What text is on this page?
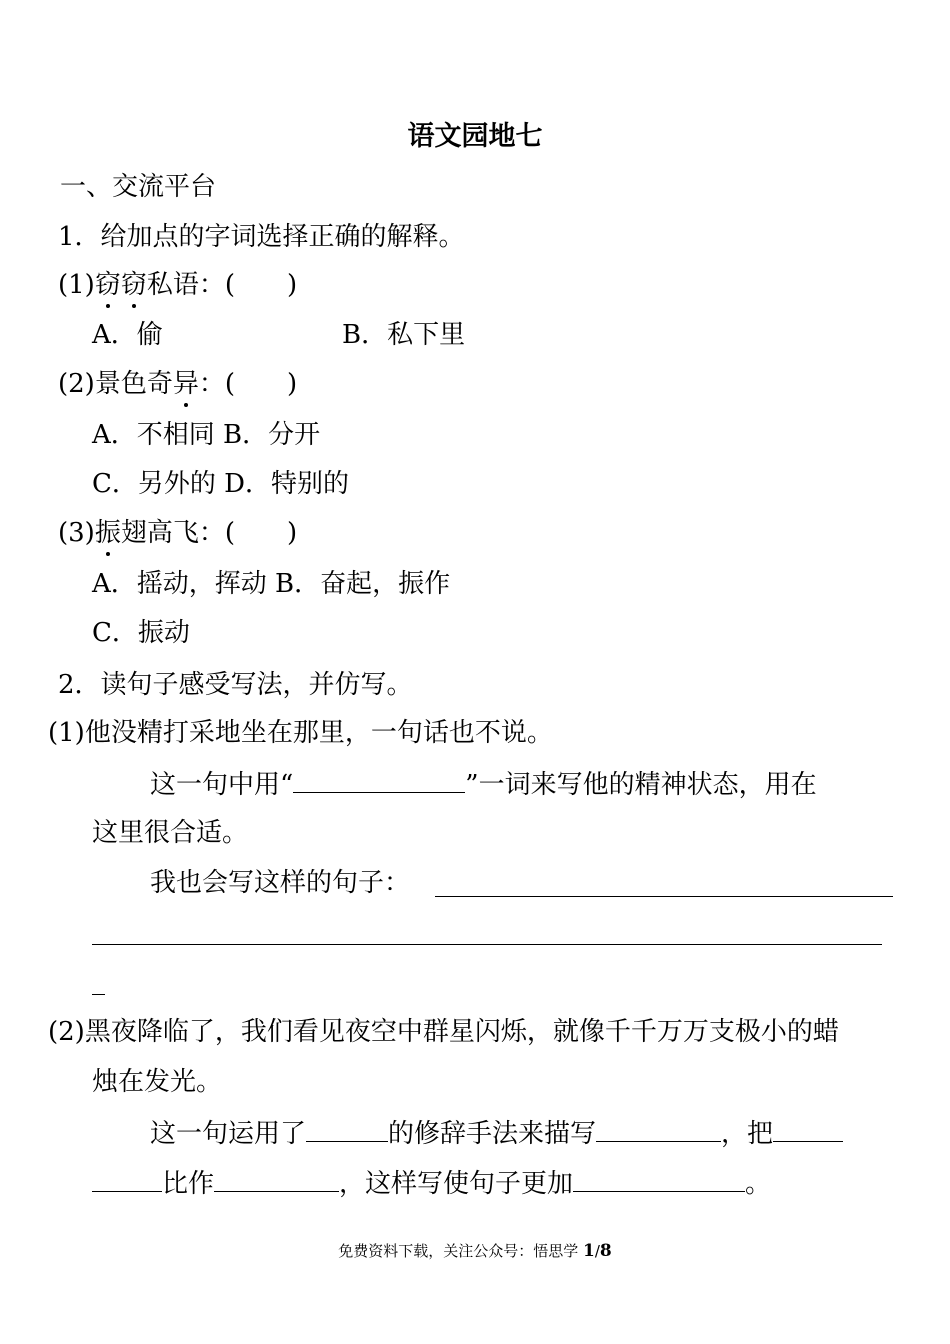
语文园地七
一、交流平台
1．给加点的字词选择正确的解释。
(1)窃窃私语：(　　)
A．偷	B．私下里
(2)景色奇异：(　　)
A．不相同 B．分开
C．另外的 D．特别的
(3)振翅高飞：(　　)
A．摇动，挥动 B．奋起，振作
C．振动
2．读句子感受写法，并仿写。
(1)他没精打采地坐在那里，一句话也不说。
这一句中用“	”一词来写他的精神状态，用在
这里很合适。
我也会写这样的句子：
(2)黑夜降临了，我们看见夜空中群星闪烁，就像千千万万支极小的蜡
烛在发光。
这一句运用了	的修辞手法来描写	，把
比作	，这样写使句子更加	。
免费资料下载，关注公众号：悟思学 1/8
